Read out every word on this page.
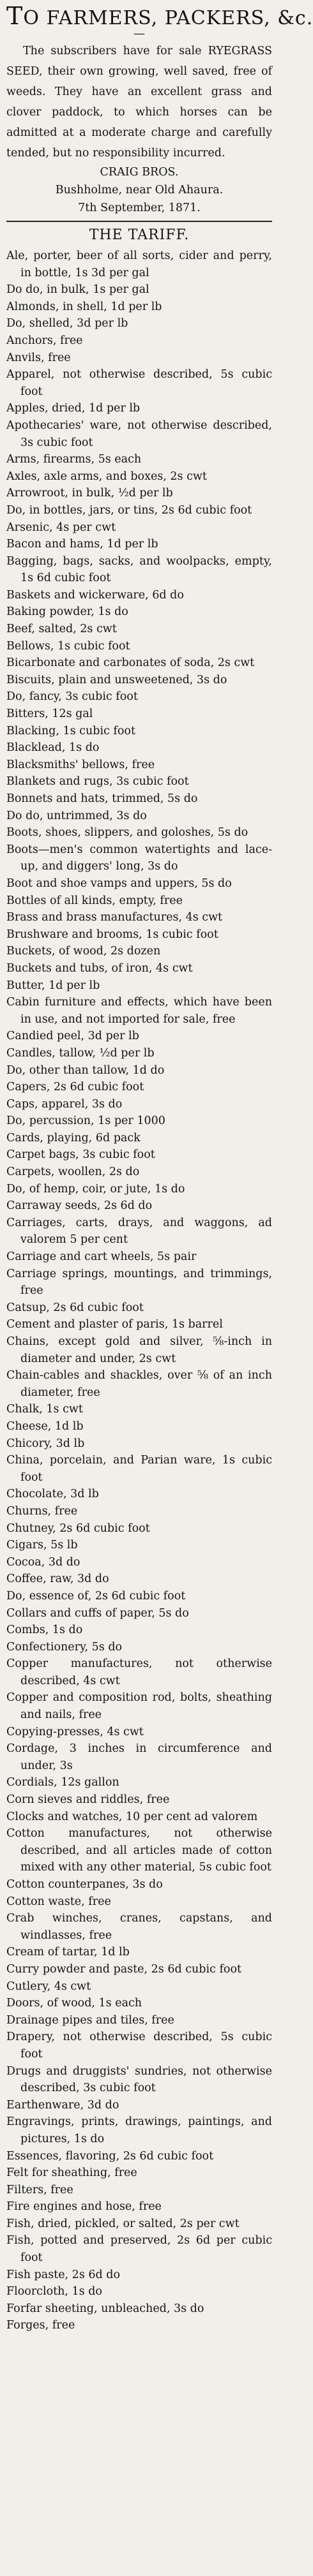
TO FARMERS, PACKERS, &c.
—

The subscribers have for sale RYEGRASS SEED, their own growing, well saved, free of weeds. They have an excellent grass and clover paddock, to which horses can be admitted at a moderate charge and carefully tended, but no responsibility incurred.

CRAIG BROS.

Bushholme, near Old Ahaura.

7th September, 1871.

THE TARIFF.
Ale, porter, beer of all sorts, cider and perry, in bottle, 1s 3d per gal
Do do, in bulk, 1s per gal
Almonds, in shell, 1d per lb
Do, shelled, 3d per lb
Anchors, free
Anvils, free
Apparel, not otherwise described, 5s cubic foot
Apples, dried, 1d per lb
Apothecaries' ware, not otherwise described, 3s cubic foot
Arms, firearms, 5s each
Axles, axle arms, and boxes, 2s cwt
Arrowroot, in bulk, ½d per lb
Do, in bottles, jars, or tins, 2s 6d cubic foot
Arsenic, 4s per cwt
Bacon and hams, 1d per lb
Bagging, bags, sacks, and woolpacks, empty, 1s 6d cubic foot
Baskets and wickerware, 6d do
Baking powder, 1s do
Beef, salted, 2s cwt
Bellows, 1s cubic foot
Bicarbonate and carbonates of soda, 2s cwt
Biscuits, plain and unsweetened, 3s do
Do, fancy, 3s cubic foot
Bitters, 12s gal
Blacking, 1s cubic foot
Blacklead, 1s do
Blacksmiths' bellows, free
Blankets and rugs, 3s cubic foot
Bonnets and hats, trimmed, 5s do
Do do, untrimmed, 3s do
Boots, shoes, slippers, and goloshes, 5s do
Boots—men's common watertights and lace-up, and diggers' long, 3s do
Boot and shoe vamps and uppers, 5s do
Bottles of all kinds, empty, free
Brass and brass manufactures, 4s cwt
Brushware and brooms, 1s cubic foot
Buckets, of wood, 2s dozen
Buckets and tubs, of iron, 4s cwt
Butter, 1d per lb
Cabin furniture and effects, which have been in use, and not imported for sale, free
Candied peel, 3d per lb
Candles, tallow, ½d per lb
Do, other than tallow, 1d do
Capers, 2s 6d cubic foot
Caps, apparel, 3s do
Do, percussion, 1s per 1000
Cards, playing, 6d pack
Carpet bags, 3s cubic foot
Carpets, woollen, 2s do
Do, of hemp, coir, or jute, 1s do
Carraway seeds, 2s 6d do
Carriages, carts, drays, and waggons, ad valorem 5 per cent
Carriage and cart wheels, 5s pair
Carriage springs, mountings, and trimmings, free
Catsup, 2s 6d cubic foot
Cement and plaster of paris, 1s barrel
Chains, except gold and silver, ⅝-inch in diameter and under, 2s cwt
Chain-cables and shackles, over ⅝ of an inch diameter, free
Chalk, 1s cwt
Cheese, 1d lb
Chicory, 3d lb
China, porcelain, and Parian ware, 1s cubic foot
Chocolate, 3d lb
Churns, free
Chutney, 2s 6d cubic foot
Cigars, 5s lb
Cocoa, 3d do
Coffee, raw, 3d do
Do, essence of, 2s 6d cubic foot
Collars and cuffs of paper, 5s do
Combs, 1s do
Confectionery, 5s do
Copper manufactures, not otherwise described, 4s cwt
Copper and composition rod, bolts, sheathing and nails, free
Copying-presses, 4s cwt
Cordage, 3 inches in circumference and under, 3s
Cordials, 12s gallon
Corn sieves and riddles, free
Clocks and watches, 10 per cent ad valorem
Cotton manufactures, not otherwise described, and all articles made of cotton mixed with any other material, 5s cubic foot
Cotton counterpanes, 3s do
Cotton waste, free
Crab winches, cranes, capstans, and windlasses, free
Cream of tartar, 1d lb
Curry powder and paste, 2s 6d cubic foot
Cutlery, 4s cwt
Doors, of wood, 1s each
Drainage pipes and tiles, free
Drapery, not otherwise described, 5s cubic foot
Drugs and druggists' sundries, not otherwise described, 3s cubic foot
Earthenware, 3d do
Engravings, prints, drawings, paintings, and pictures, 1s do
Essences, flavoring, 2s 6d cubic foot
Felt for sheathing, free
Filters, free
Fire engines and hose, free
Fish, dried, pickled, or salted, 2s per cwt
Fish, potted and preserved, 2s 6d per cubic foot
Fish paste, 2s 6d do
Floorcloth, 1s do
Forfar sheeting, unbleached, 3s do
Forges, free
